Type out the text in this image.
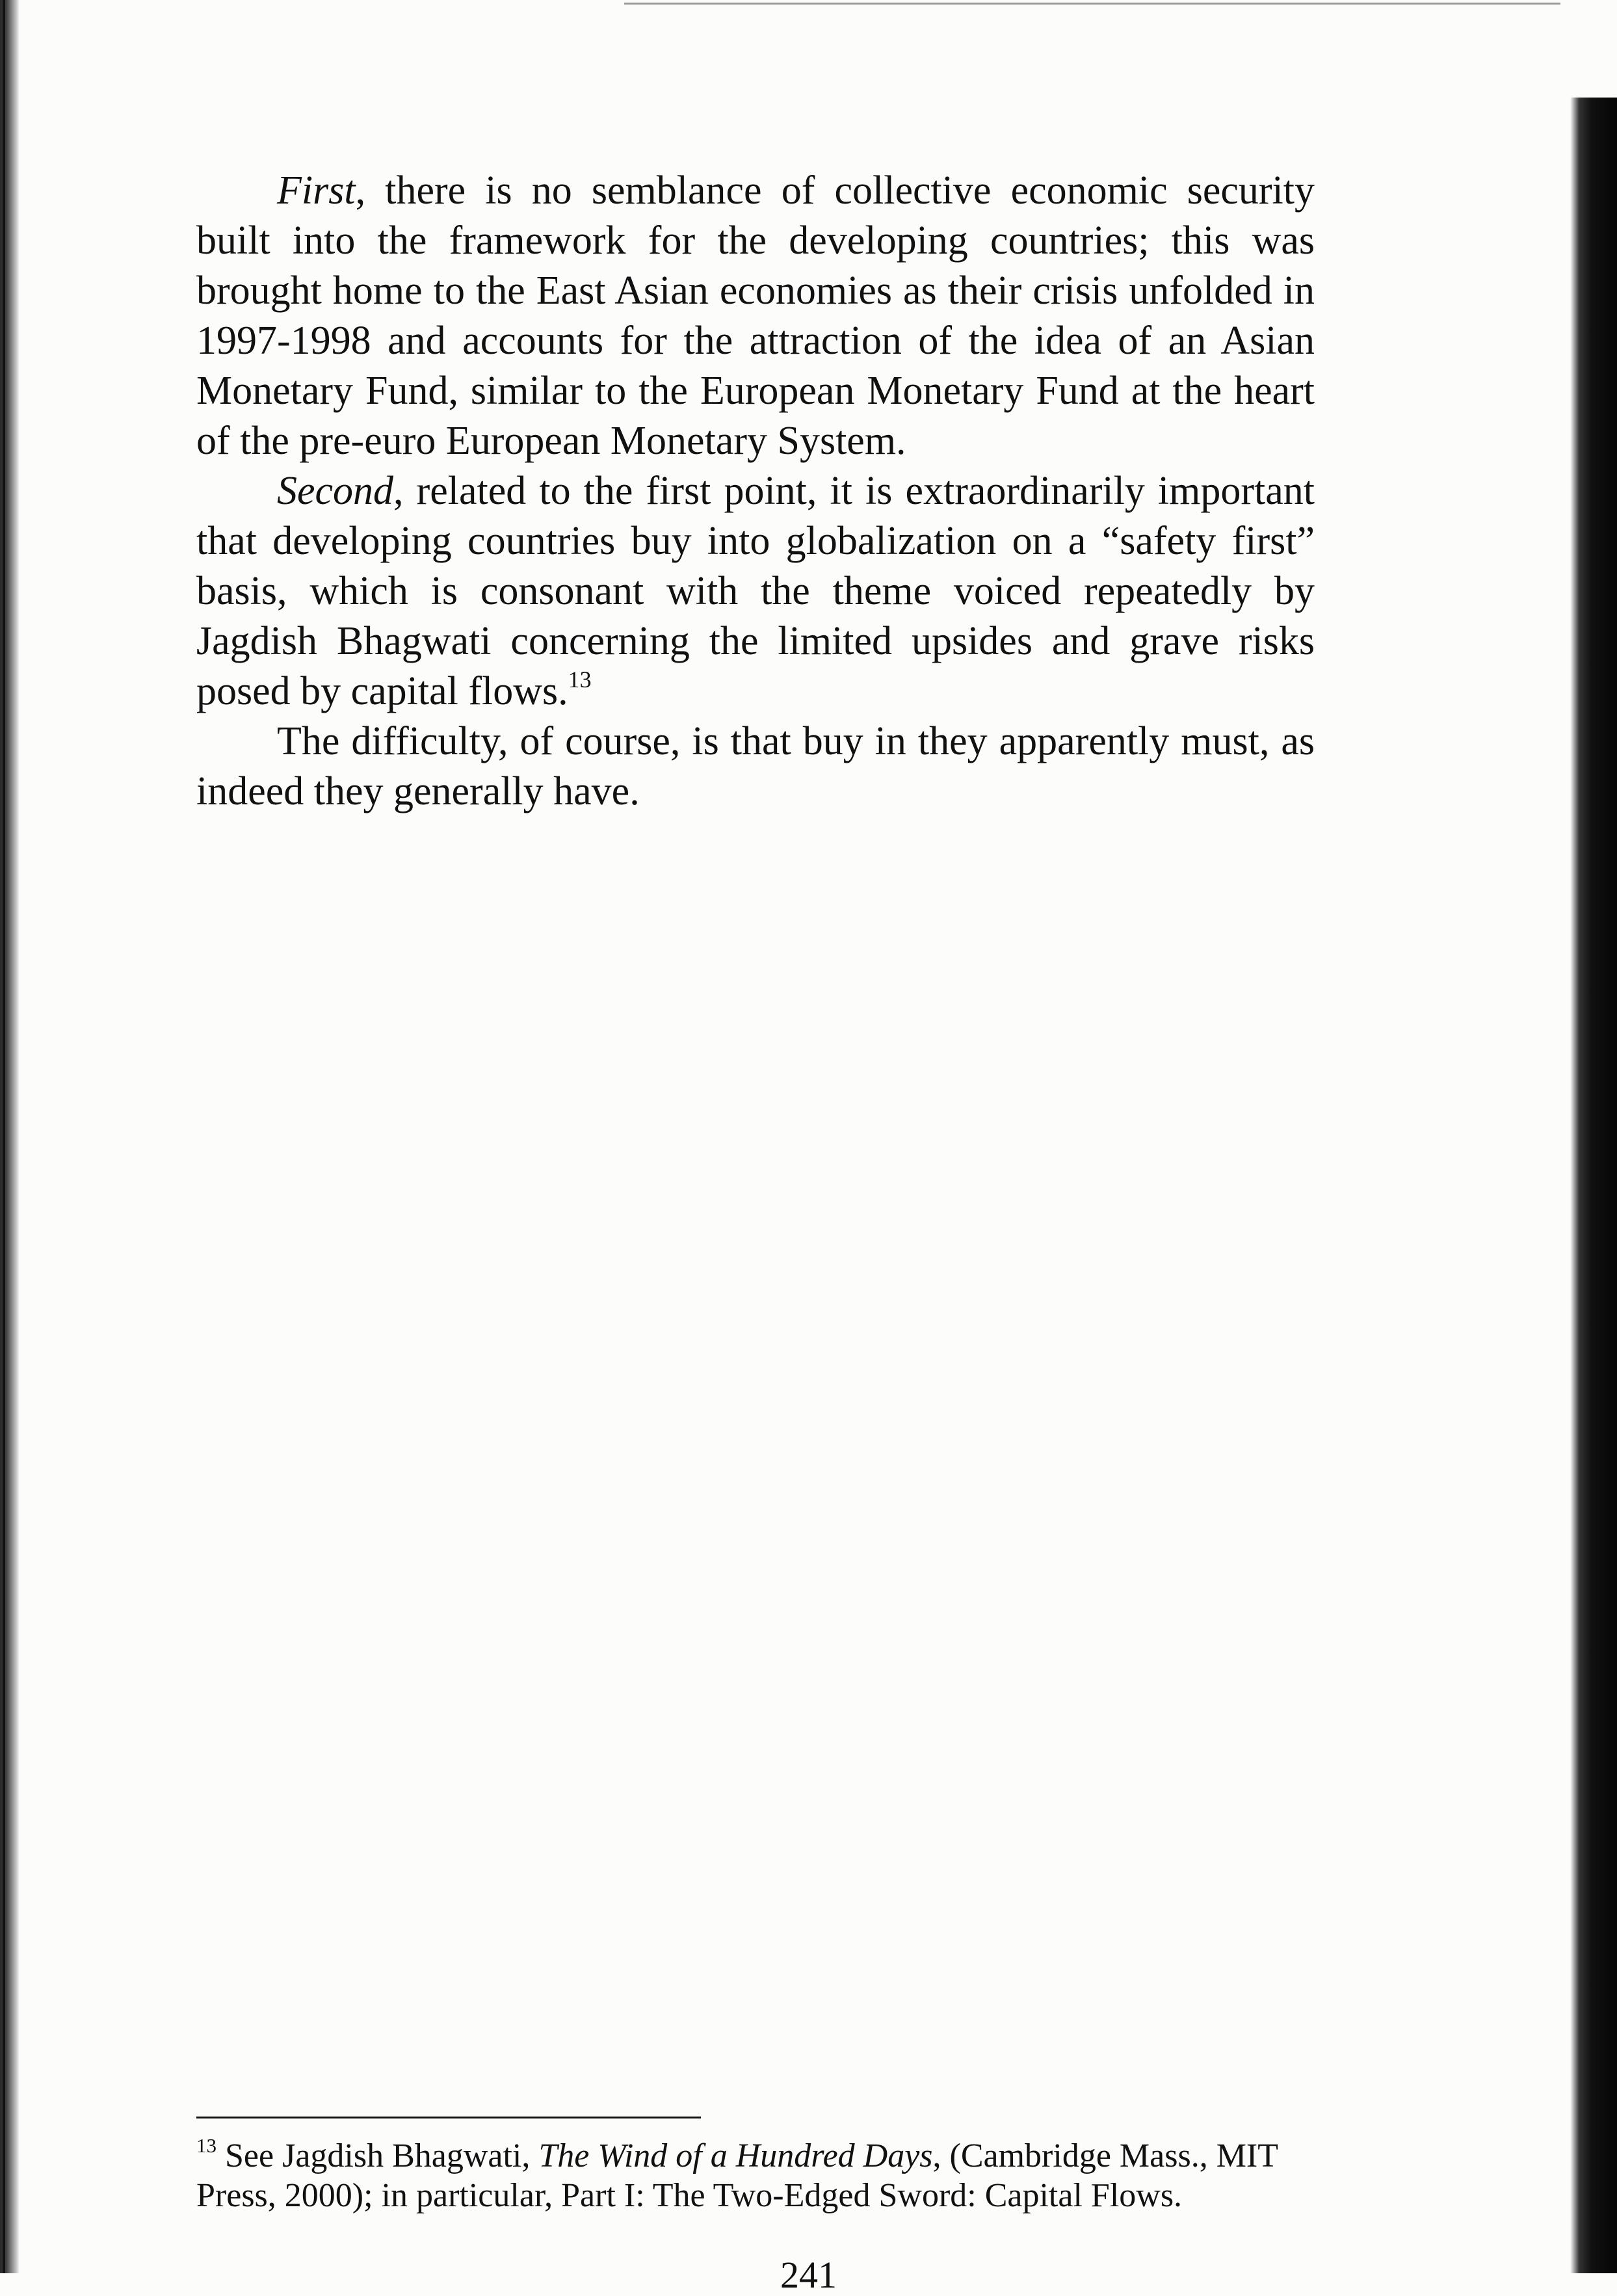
First, there is no semblance of collective economic security built into the framework for the developing countries; this was brought home to the East Asian economies as their crisis unfolded in 1997-1998 and accounts for the attraction of the idea of an Asian Monetary Fund, similar to the European Monetary Fund at the heart of the pre-euro European Monetary System.

Second, related to the first point, it is extraordinarily important that developing countries buy into globalization on a “safety first” basis, which is consonant with the theme voiced repeatedly by Jagdish Bhagwati concerning the limited upsides and grave risks posed by capital flows.$^{13}$

The difficulty, of course, is that buy in they apparently must, as indeed they generally have.

$^{13}$ See Jagdish Bhagwati, The Wind of a Hundred Days, (Cambridge Mass., MIT Press, 2000); in particular, Part I: The Two-Edged Sword: Capital Flows.

241
